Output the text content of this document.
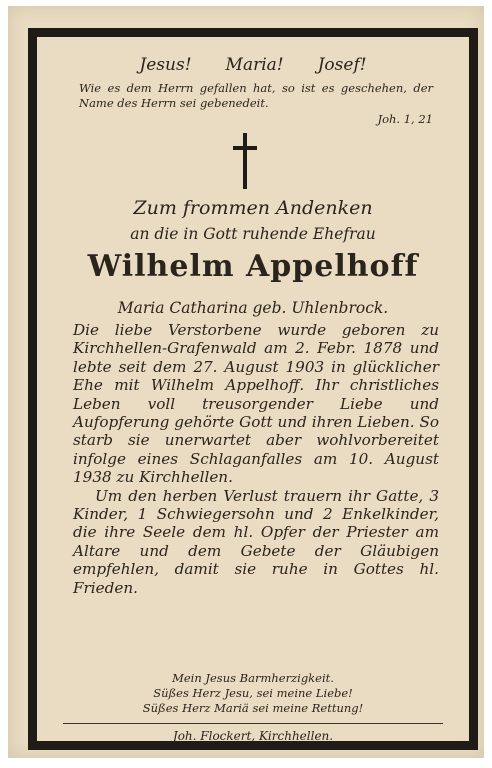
Jesus! Maria! Josef!
Wie es dem Herrn gefallen hat, so ist es geschehen, der Name des Herrn sei gebenedeit.
Joh. 1, 21
Zum frommen Andenken
an die in Gott ruhende Ehefrau
Wilhelm Appelhoff
Maria Catharina geb. Uhlenbrock.

Die liebe Verstorbene wurde geboren zu Kirchhellen-Grafenwald am 2. Febr. 1878 und lebte seit dem 27. August 1903 in glücklicher Ehe mit Wilhelm Appelhoff. Ihr christliches Leben voll treusorgender Liebe und Aufopferung gehörte Gott und ihren Lieben. So starb sie unerwartet aber wohlvorbereitet infolge eines Schlaganfalles am 10. August 1938 zu Kirchhellen.

Um den herben Verlust trauern ihr Gatte, 3 Kinder, 1 Schwiegersohn und 2 Enkelkinder, die ihre Seele dem hl. Opfer der Priester am Altare und dem Gebete der Gläubigen empfehlen, damit sie ruhe in Gottes hl. Frieden.

Mein Jesus Barmherzigkeit.
Süßes Herz Jesu, sei meine Liebe!
Süßes Herz Mariä sei meine Rettung!
Joh. Flockert, Kirchhellen.
